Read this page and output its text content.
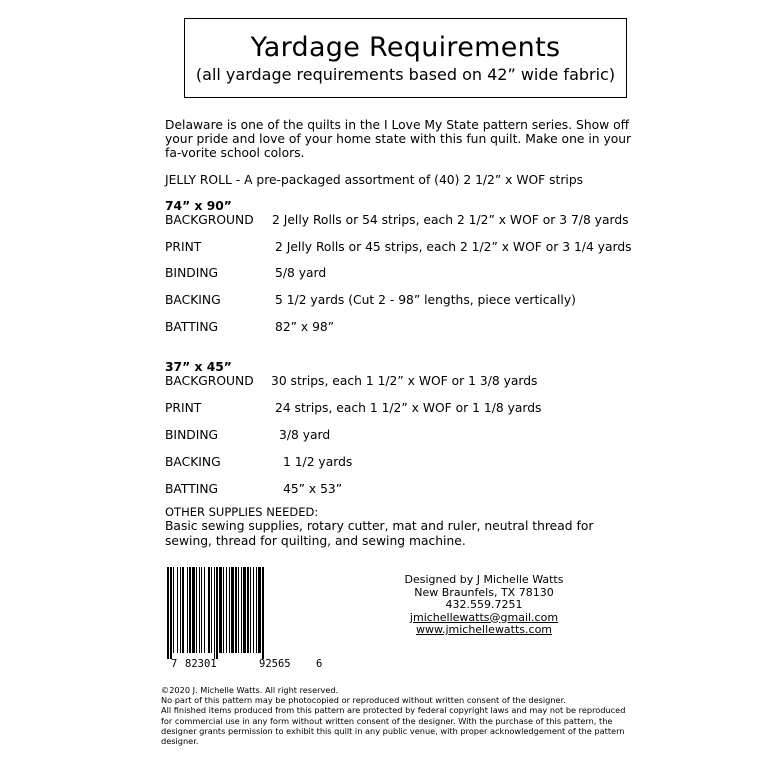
Yardage Requirements
(all yardage requirements based on 42” wide fabric)
Delaware is one of the quilts in the I Love My State pattern series. Show off your pride and love of your home state with this fun quilt. Make one in your fa-vorite school colors.
JELLY ROLL - A pre-packaged assortment of (40) 2 1/2” x WOF strips
74” x 90”
BACKGROUND 2 Jelly Rolls or 54 strips, each 2 1/2” x WOF or 3 7/8 yards
PRINT	2 Jelly Rolls or 45 strips, each 2 1/2” x WOF or 3 1/4 yards
BINDING	5/8 yard
BACKING	5 1/2 yards (Cut 2 - 98” lengths, piece vertically)
BATTING	82” x 98”
37” x 45”
BACKGROUND 30 strips, each 1 1/2” x WOF or 1 3/8 yards
PRINT	24 strips, each 1 1/2” x WOF or 1 1/8 yards
BINDING	3/8 yard
BACKING	1 1/2 yards
BATTING	45” x 53”
OTHER SUPPLIES NEEDED:
Basic sewing supplies, rotary cutter, mat and ruler, neutral thread for sewing, thread for quilting, and sewing machine.
7 82301	92565 6
Designed by J Michelle Watts
New Braunfels, TX 78130
432.559.7251
jmichellewatts@gmail.com
www.jmichellewatts.com
©2020 J. Michelle Watts. All right reserved.
No part of this pattern may be photocopied or reproduced without written consent of the designer.
All finished items produced from this pattern are protected by federal copyright laws and may not be reproduced for commercial use in any form without written consent of the designer. With the purchase of this pattern, the designer grants permission to exhibit this quilt in any public venue, with proper acknowledgement of the pattern designer.
